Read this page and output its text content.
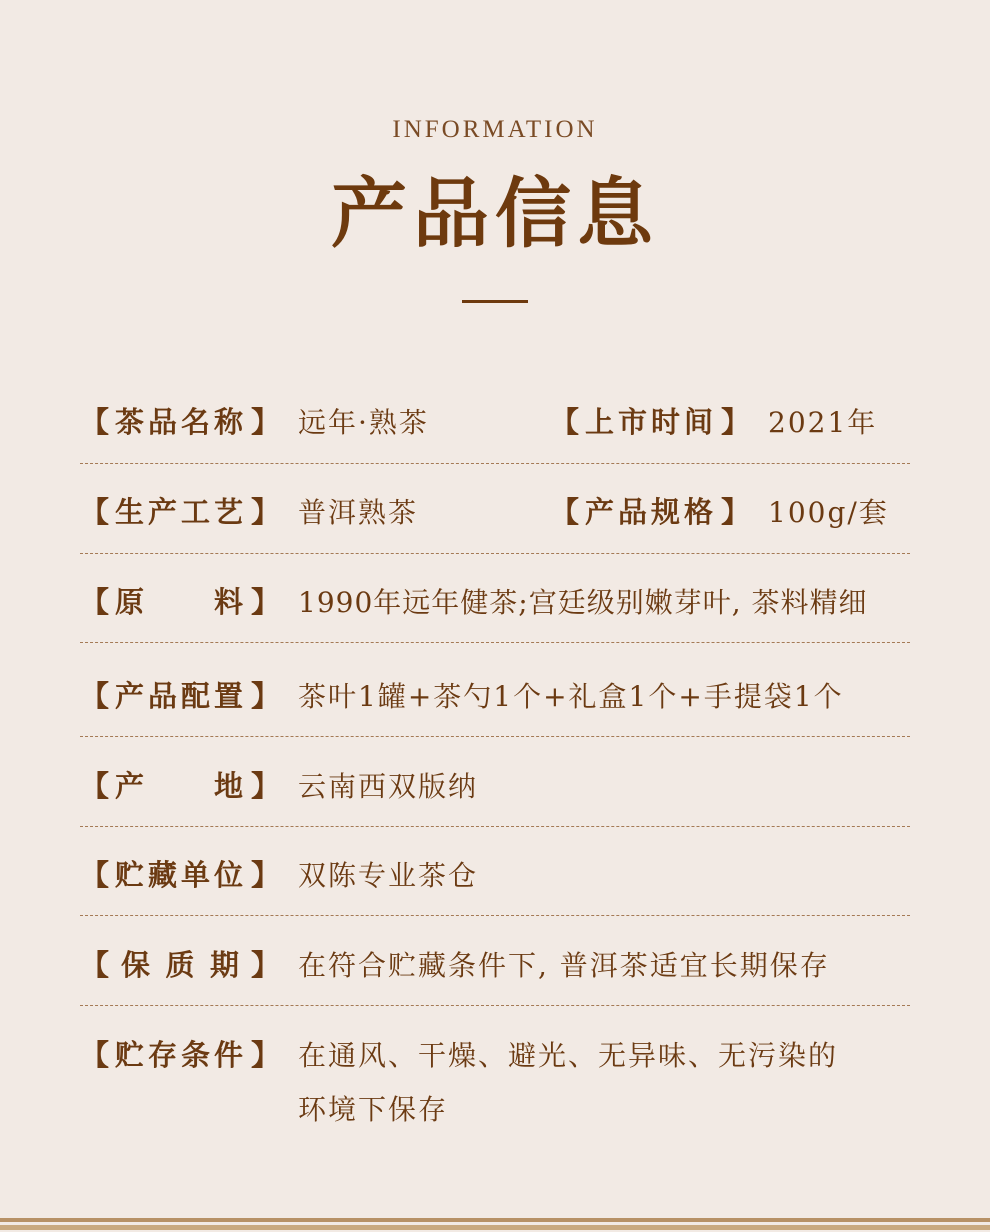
INFORMATION
产品信息
【 茶 品 名 称 】 远年·熟茶	【 上 市 时 间 】 2021年
【 生 产 工 艺 】 普洱熟茶	【 产 品 规 格 】 100g/套
【 原 料 】 1990年远年健茶;宫廷级别嫩芽叶, 茶料精细
【 产 品 配 置 】 茶叶1罐+茶勺1个+礼盒1个+手提袋1个
【 产 地 】 云南西双版纳
【 贮 藏 单 位 】 双陈专业茶仓
【 保 质 期 】 在符合贮藏条件下, 普洱茶适宜长期保存
【 贮 存 条 件 】 在通风、干燥、避光、无异味、无污染的
环境下保存
